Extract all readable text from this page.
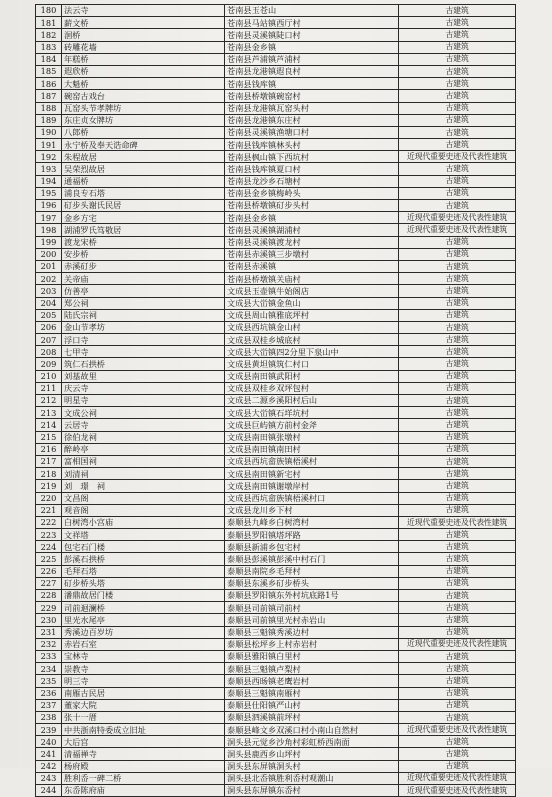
180	法云寺	苍南县玉苍山	古建筑
181	薪文桥	苍南县马站镇西厅村	古建筑
182	洄桥	苍南县灵溪镇陡口村	古建筑
183	砖雕花墙	苍南县金乡镇	古建筑
184	年糕桥	苍南县芦浦镇芦浦村	古建筑
185	遐欣桥	苍南县龙港镇遐良村	古建筑
186	大魁桥	苍南县钱库镇	古建筑
187	碗窑古戏台	苍南县桥墩镇碗窑村	古建筑
188	瓦窑头节孝牌坊	苍南县龙港镇瓦窑头村	古建筑
189	东庄贞女牌坊	苍南县龙港镇东庄村	古建筑
190	八郎桥	苍南县灵溪镇渔塘口村	古建筑
191	永宁桥及奉天诰命碑	苍南县钱库镇林头村	古建筑
192	朱程故居	苍南县枫山镇下西坑村	近现代重要史迹及代表性建筑
193	吴荣烈故居	苍南县钱库镇夏口村	古建筑
194	通福桥	苍南县龙沙乡石塘村	古建筑
195	浦良专石塔	苍南县金乡镇梅岭头	古建筑
196	矴步头谢氏民居	苍南县桥墩镇矴步头村	古建筑
197	金乡方宅	苍南县金乡镇	近现代重要史迹及代表性建筑
198	湖浦罗氏笃敬居	苍南县灵溪镇湖浦村	近现代重要史迹及代表性建筑
199	渡龙宋桥	苍南县灵溪镇渡龙村	古建筑
200	安步桥	苍南县赤溪镇三步墩村	古建筑
201	赤溪矴步	苍南县赤溪镇	古建筑
202	关帝庙	苍南县桥墩镇关庙村	古建筑
203	仿善亭	文成县玉壶镇牛始阁店	古建筑
204	郑公祠	文成县大峃镇金鱼山	古建筑
205	陆氏宗祠	文成县周山镇雅底坪村	古建筑
206	金山节孝坊	文成县西坑镇金山村	古建筑
207	浮口寺	文成县双桂乡城底村	古建筑
208	七甲寺	文成县大峃镇四2分里下泉山中	古建筑
209	筑仁石拱桥	文成县黄坦镇筑仁村口	古建筑
210	刘基故里	文成县南田镇武阳村	古建筑
211	庆云寺	文成县双桂乡双坪包村	古建筑
212	明星寺	文成县二源乡溪阳村后山	古建筑
213	文成公祠	文成县大峃镇石垟坑村	古建筑
214	云居寺	文成县巨屿镇方前村金斧	古建筑
215	徐伯龙祠	文成县南田镇张墩村	古建筑
216	醉岭亭	文成县南田镇南田村	古建筑
217	富相国祠	文成县西坑畲族镇梧溪村	古建筑
218	刘清祠	文成县南田镇新宅村	古建筑
219	刘　璟　祠	文成县南田镇谢墩岸村	古建筑
220	文昌阁	文成县西坑畲族镇梧溪村口	古建筑
221	观音阁	文成县龙川乡下村	古建筑
222	白树湾小宫庙	泰顺县九峰乡白树湾村	近现代重要史迹及代表性建筑
223	文祥塔	泰顺县罗阳镇塔坪路	古建筑
224	包宅石门楼	泰顺县新浦乡包宅村	古建筑
225	彭溪石拱桥	泰顺县彭溪镇彭溪中村石门	古建筑
226	毛拜石塔	泰顺县南院乡毛拜村	古建筑
227	矴步桥头塔	泰顺县东溪乡矴步桥头	古建筑
228	潘鼎故居门楼	泰顺县罗阳镇东外村坑底路1号	古建筑
229	司前迴澜桥	泰顺县司前镇司前村	古建筑
230	里光水尾亭	泰顺县司前镇里光村赤岩山	古建筑
231	秀溪边百岁坊	泰顺县三魁镇秀溪边村	古建筑
232	赤岩石室	泰顺县松坪乡上村赤岩村	近现代重要史迹及代表性建筑
233	宝林寺	泰顺县雅阳镇白里村	古建筑
234	崇教寺	泰顺县三魁镇卢梨村	古建筑
235	明三寺	泰顺县西旸镇老鹰岩村	古建筑
236	南雁古民居	泰顺县三魁镇南雁村	古建筑
237	董家大院	泰顺县仕阳镇严山村	古建筑
238	张十一厝	泰顺县泗溪镇前坪村	古建筑
239	中共浙南特委成立旧址	泰顺县峰文乡双溪口村小南山自然村	近现代重要史迹及代表性建筑
240	大后宫	洞头县元觉乡沙角村彩虹桥西南面	古建筑
241	清福禅寺	洞头县鹿西乡山坪村	古建筑
242	杨府殿	洞头县东屏镇洞头村	古建筑
243	胜利岙一碑二桥	洞头县北岙镇胜利岙村观潮山	近现代重要史迹及代表性建筑
244	东岙陈府庙	洞头县东屏镇东岙村	近现代重要史迹及代表性建筑
